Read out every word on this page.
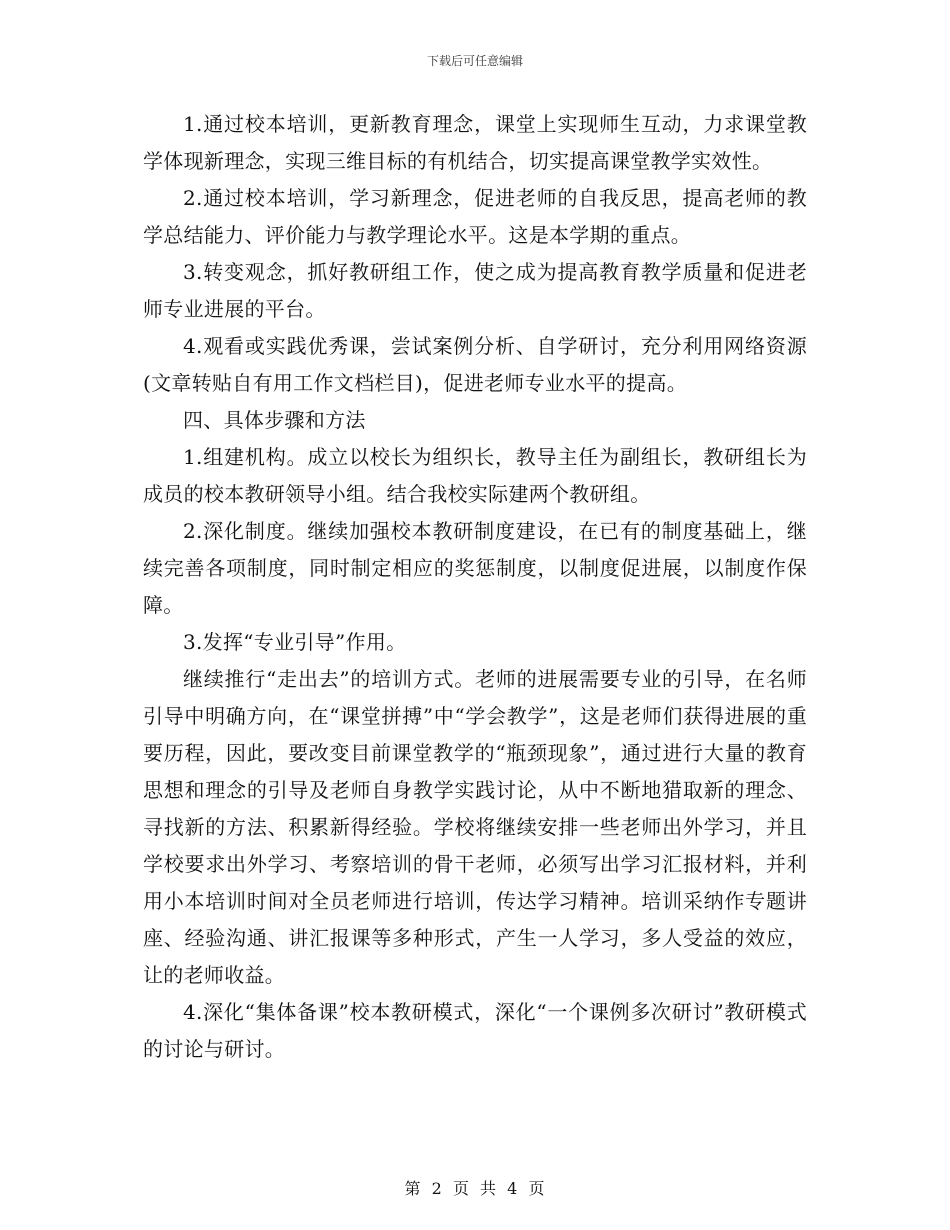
下载后可任意编辑

1.通过校本培训，更新教育理念，课堂上实现师生互动，力求课堂教学体现新理念，实现三维目标的有机结合，切实提高课堂教学实效性。

2.通过校本培训，学习新理念，促进老师的自我反思，提高老师的教学总结能力、评价能力与教学理论水平。这是本学期的重点。

3.转变观念，抓好教研组工作，使之成为提高教育教学质量和促进老师专业进展的平台。

4.观看或实践优秀课，尝试案例分析、自学研讨，充分利用网络资源(文章转贴自有用工作文档栏目)，促进老师专业水平的提高。

四、具体步骤和方法

1.组建机构。成立以校长为组织长，教导主任为副组长，教研组长为成员的校本教研领导小组。结合我校实际建两个教研组。

2.深化制度。继续加强校本教研制度建设，在已有的制度基础上，继续完善各项制度，同时制定相应的奖惩制度，以制度促进展，以制度作保障。

3.发挥“专业引导”作用。

继续推行“走出去”的培训方式。老师的进展需要专业的引导，在名师引导中明确方向，在“课堂拼搏”中“学会教学”，这是老师们获得进展的重要历程，因此，要改变目前课堂教学的“瓶颈现象”，通过进行大量的教育思想和理念的引导及老师自身教学实践讨论，从中不断地猎取新的理念、寻找新的方法、积累新得经验。学校将继续安排一些老师出外学习，并且学校要求出外学习、考察培训的骨干老师，必须写出学习汇报材料，并利用小本培训时间对全员老师进行培训，传达学习精神。培训采纳作专题讲座、经验沟通、讲汇报课等多种形式，产生一人学习，多人受益的效应，让的老师收益。

4.深化“集体备课”校本教研模式，深化“一个课例多次研讨”教研模式的讨论与研讨。

第 2 页 共 4 页
